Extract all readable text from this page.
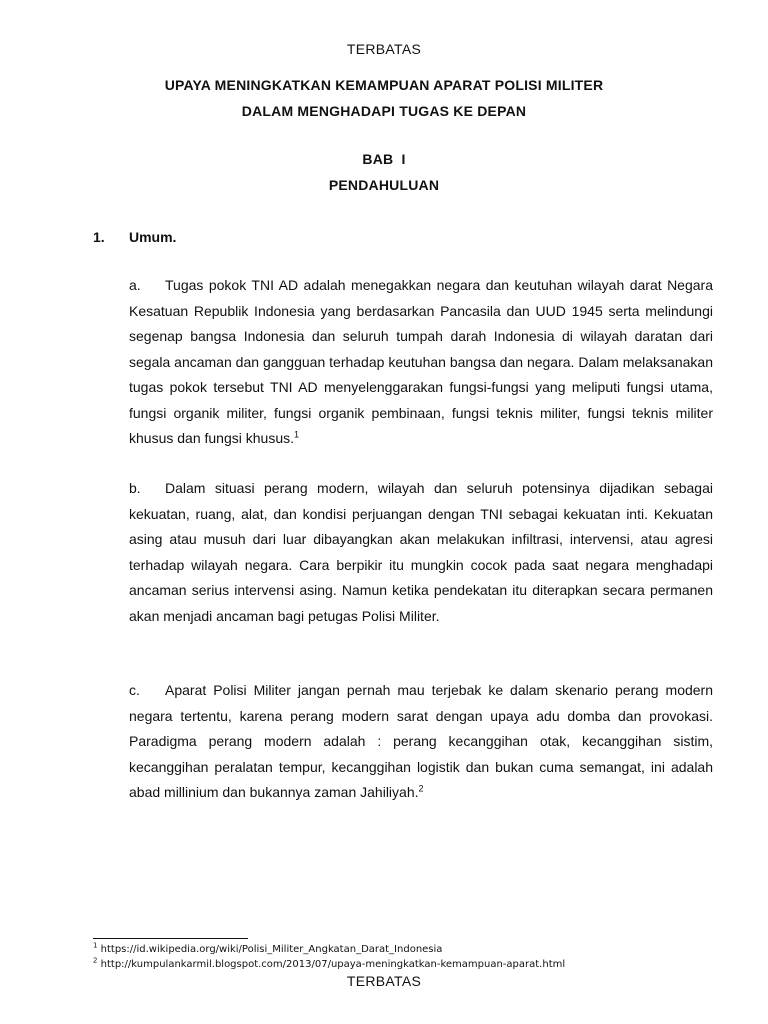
TERBATAS
UPAYA MENINGKATKAN KEMAMPUAN APARAT POLISI MILITER
DALAM MENGHADAPI TUGAS KE DEPAN
BAB  I
PENDAHULUAN
1. Umum.
a. Tugas pokok TNI AD adalah menegakkan negara dan keutuhan wilayah darat Negara Kesatuan Republik Indonesia yang berdasarkan Pancasila dan UUD 1945 serta melindungi segenap bangsa Indonesia dan seluruh tumpah darah Indonesia di wilayah daratan dari segala ancaman dan gangguan terhadap keutuhan bangsa dan negara. Dalam melaksanakan tugas pokok tersebut TNI AD menyelenggarakan fungsi-fungsi yang meliputi fungsi utama, fungsi organik militer, fungsi organik pembinaan, fungsi teknis militer, fungsi teknis militer khusus dan fungsi khusus.$^1$
b. Dalam situasi perang modern, wilayah dan seluruh potensinya dijadikan sebagai kekuatan, ruang, alat, dan kondisi perjuangan dengan TNI sebagai kekuatan inti. Kekuatan asing atau musuh dari luar dibayangkan akan melakukan infiltrasi, intervensi, atau agresi terhadap wilayah negara. Cara berpikir itu mungkin cocok pada saat negara menghadapi ancaman serius intervensi asing. Namun ketika pendekatan itu diterapkan secara permanen akan menjadi ancaman bagi petugas Polisi Militer.
c. Aparat Polisi Militer jangan pernah mau terjebak ke dalam skenario perang modern negara tertentu, karena perang modern sarat dengan upaya adu domba dan provokasi. Paradigma perang modern adalah : perang kecanggihan otak, kecanggihan sistim, kecanggihan peralatan tempur, kecanggihan logistik dan bukan cuma semangat, ini adalah abad millinium dan bukannya zaman Jahiliyah.$^2$
$^1$ https://id.wikipedia.org/wiki/Polisi_Militer_Angkatan_Darat_Indonesia
$^2$ http://kumpulankarmil.blogspot.com/2013/07/upaya-meningkatkan-kemampuan-aparat.html
TERBATAS
